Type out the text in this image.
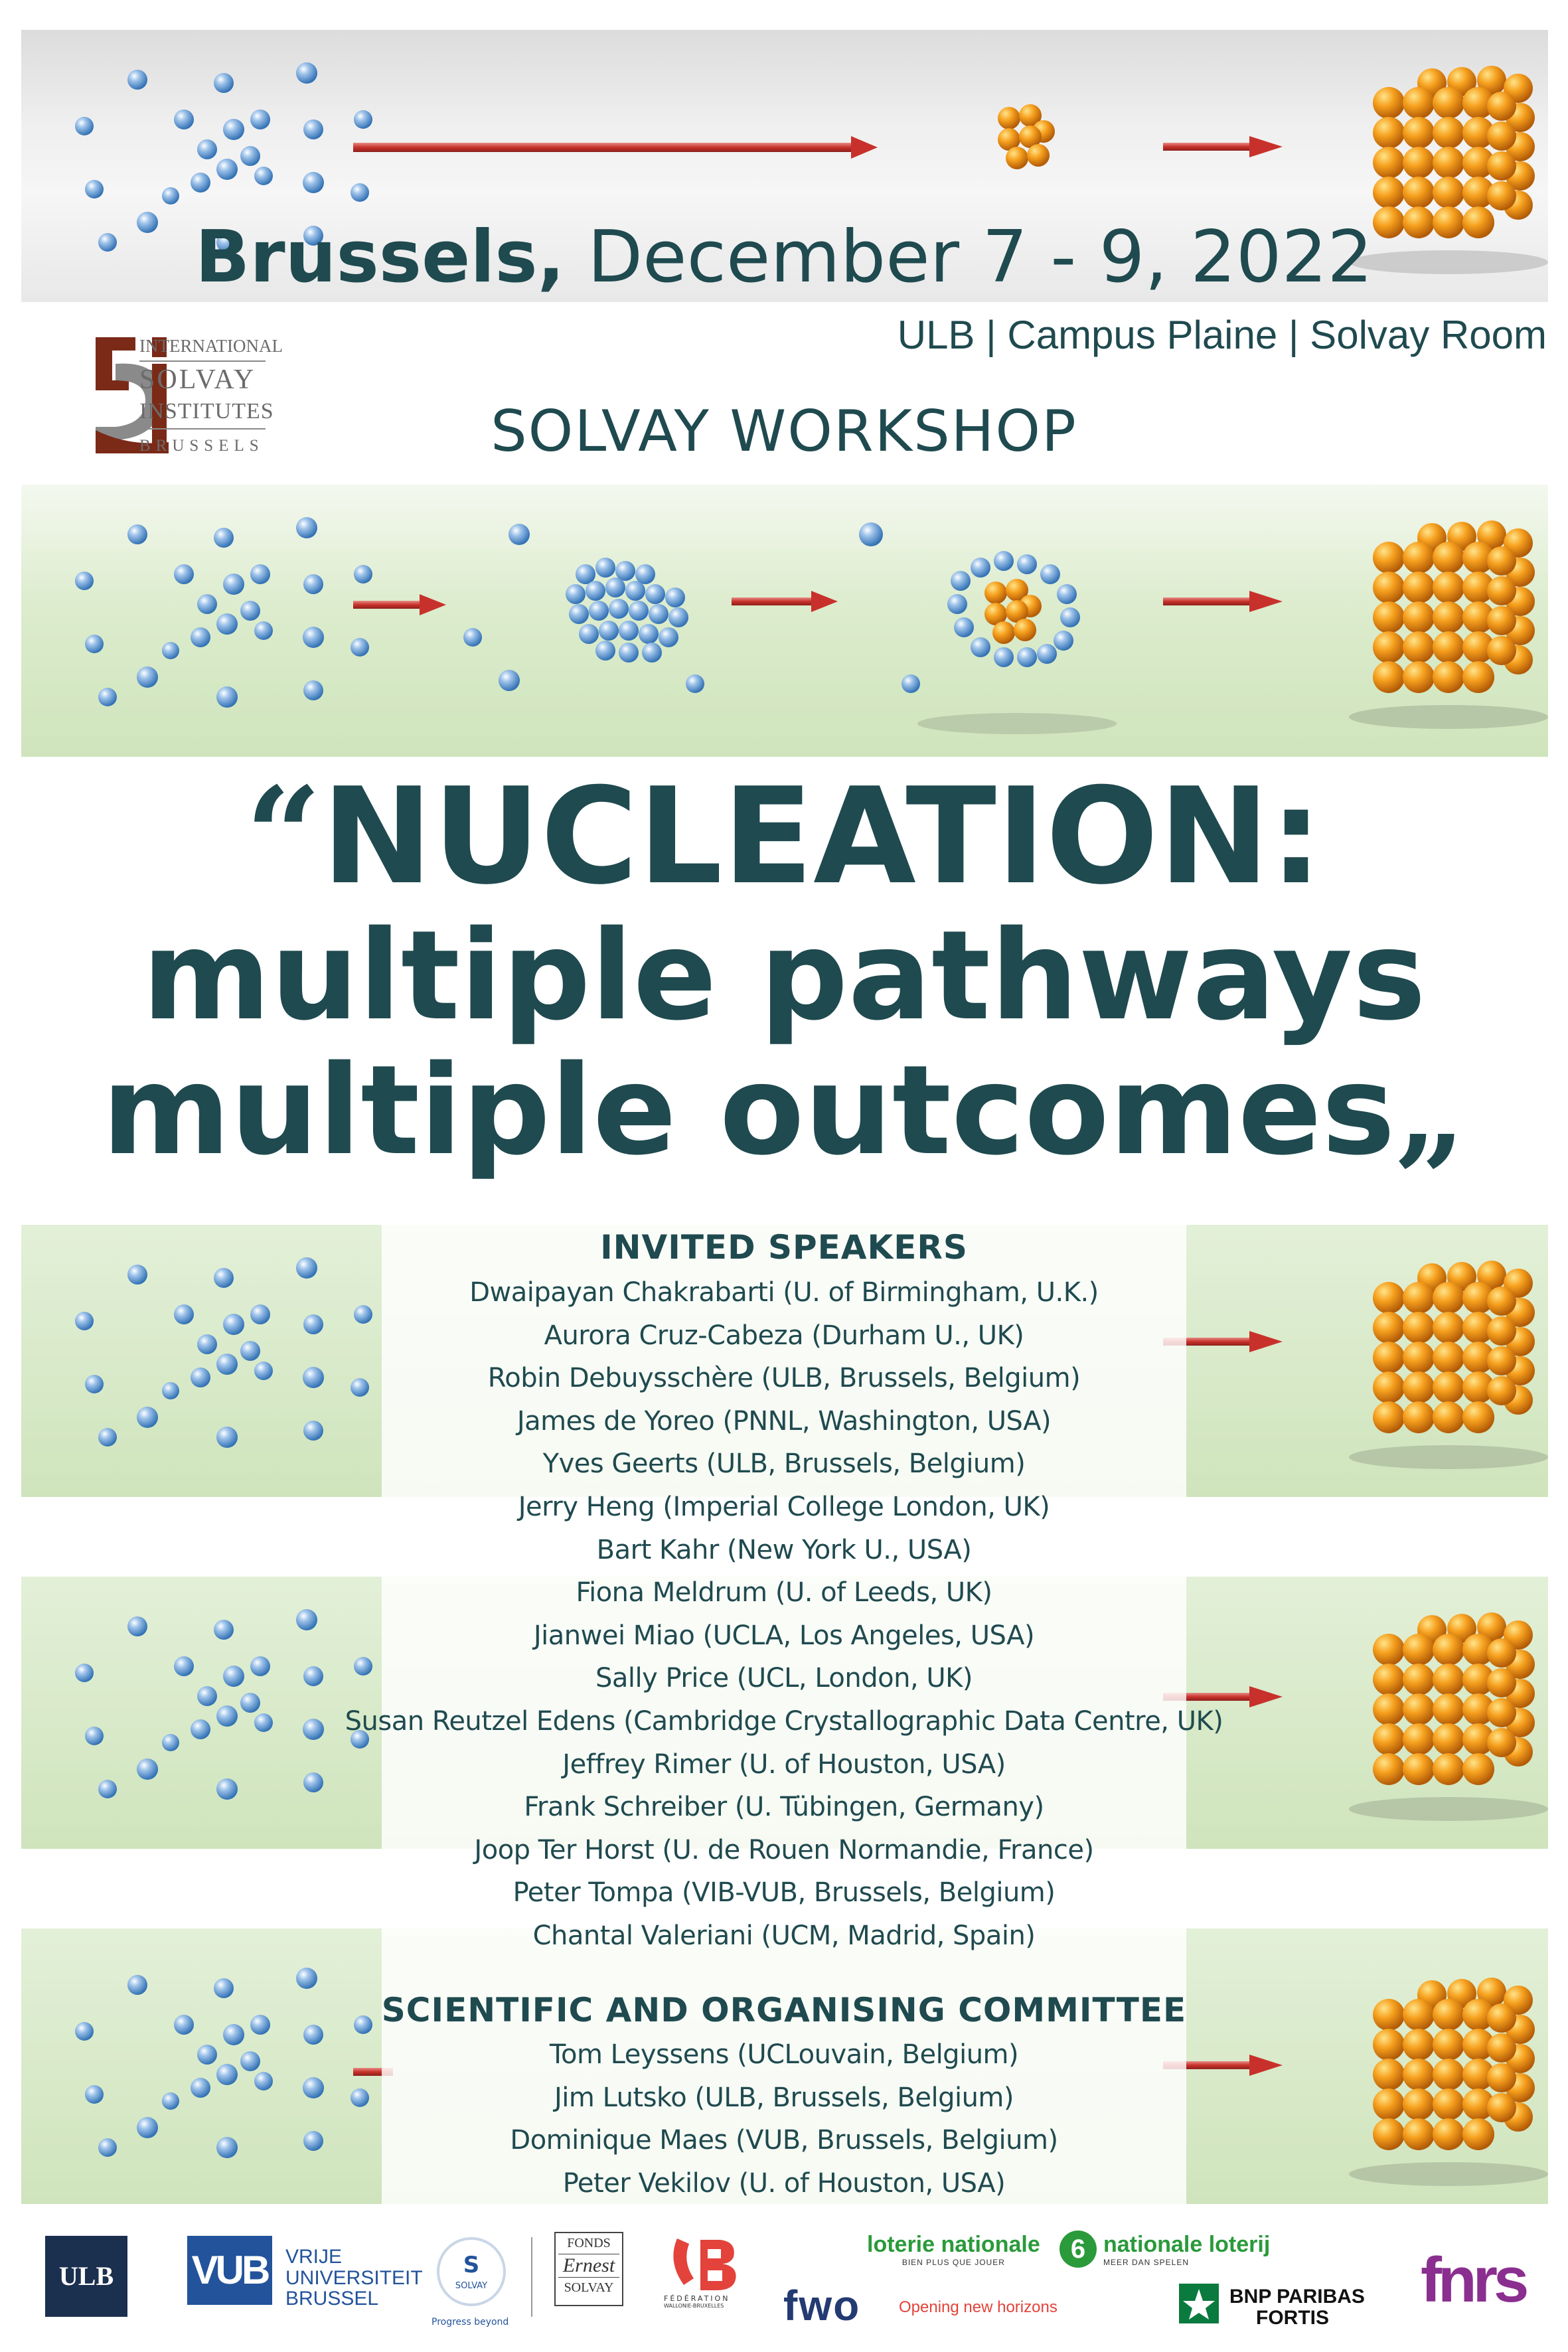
Brussels, December 7 - 9, 2022
ULB | Campus Plaine | Solvay Room
INTERNATIONAL
SOLVAY
INSTITUTES
BRUSSELS	SOLVAY WORKSHOP
“NUCLEATION:
multiple pathways
multiple outcomes„
INVITED SPEAKERS
Dwaipayan Chakrabarti (U. of Birmingham, U.K.)
Aurora Cruz-Cabeza (Durham U., UK)
Robin Debuysschère (ULB, Brussels, Belgium)
James de Yoreo (PNNL, Washington, USA)
Yves Geerts (ULB, Brussels, Belgium)
Jerry Heng (Imperial College London, UK)
Bart Kahr (New York U., USA)
Fiona Meldrum (U. of Leeds, UK)
Jianwei Miao (UCLA, Los Angeles, USA)
Sally Price (UCL, London, UK)
Susan Reutzel Edens (Cambridge Crystallographic Data Centre, UK)
Jeffrey Rimer (U. of Houston, USA)
Frank Schreiber (U. Tübingen, Germany)
Joop Ter Horst (U. de Rouen Normandie, France)
Peter Tompa (VIB-VUB, Brussels, Belgium)
Chantal Valeriani (UCM, Madrid, Spain)
SCIENTIFIC AND ORGANISING COMMITTEE
Tom Leyssens (UCLouvain, Belgium)
Jim Lutsko (ULB, Brussels, Belgium)
Dominique Maes (VUB, Brussels, Belgium)
Peter Vekilov (U. of Houston, USA)
ULB	VUB VRIJE
UNIVERSITEIT
BRUSSEL
S
SOLVAY
Progress beyond
FONDS
Ernest
SOLVAY
FÉDÉRATION
WALLONIE-BRUXELLES
loterie nationale
BIEN PLUS QUE JOUER	6 nationale loterij
MEER DAN SPELEN
fwo Opening new horizons	BNP PARIBAS
FORTIS
fnrs
